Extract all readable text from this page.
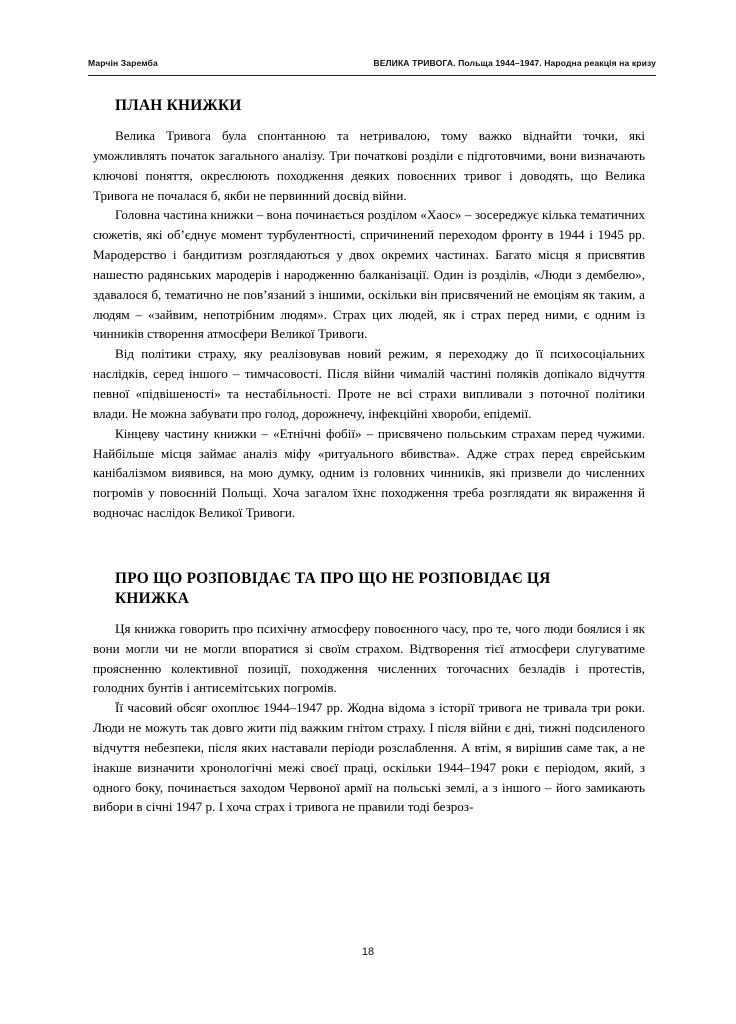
Марчін Заремба	ВЕЛИКА ТРИВОГА. Польща 1944–1947. Народна реакція на кризу
ПЛАН КНИЖКИ

Велика Тривога була спонтанною та нетривалою, тому важко віднайти точки, які уможливлять початок загального аналізу. Три початкові розділи є підготовчими, вони визначають ключові поняття, окреслюють походження деяких повоєнних тривог і доводять, що Велика Тривога не почалася б, якби не первинний досвід війни.

Головна частина книжки – вона починається розділом «Хаос» – зосереджує кілька тематичних сюжетів, які об’єднує момент турбулентності, спричинений переходом фронту в 1944 і 1945 рр. Мародерство і бандитизм розглядаються у двох окремих частинах. Багато місця я присвятив нашестю радянських мародерів і народженню балканізації. Один із розділів, «Люди з дембелю», здавалося б, тематично не пов’язаний з іншими, оскільки він присвячений не емоціям як таким, а людям – «зайвим, непотрібним людям». Страх цих людей, як і страх перед ними, є одним із чинників створення атмосфери Великої Тривоги.

Від політики страху, яку реалізовував новий режим, я переходжу до її психосоціальних наслідків, серед іншого – тимчасовості. Після війни чималій частині поляків допікало відчуття певної «підвішеності» та нестабільності. Проте не всі страхи випливали з поточної політики влади. Не можна забувати про голод, дорожнечу, інфекційні хвороби, епідемії.

Кінцеву частину книжки – «Етнічні фобії» – присвячено польським страхам перед чужими. Найбільше місця займає аналіз міфу «ритуального вбивства». Адже страх перед єврейським канібалізмом виявився, на мою думку, одним із головних чинників, які призвели до численних погромів у повоєнній Польщі. Хоча загалом їхнє походження треба розглядати як вираження й водночас наслідок Великої Тривоги.

ПРО ЩО РОЗПОВІДАЄ ТА ПРО ЩО НЕ РОЗПОВІДАЄ ЦЯ КНИЖКА

Ця книжка говорить про психічну атмосферу повоєнного часу, про те, чого люди боялися і як вони могли чи не могли впоратися зі своїм страхом. Відтворення тієї атмосфери слугуватиме проясненню колективної позиції, походження численних тогочасних безладів і протестів, голодних бунтів і антисемітських погромів.

Її часовий обсяг охоплює 1944–1947 рр. Жодна відома з історії тривога не тривала три роки. Люди не можуть так довго жити під важким гнітом страху. І після війни є дні, тижні подсиленого відчуття небезпеки, після яких наставали періоди розслаблення. А втім, я вирішив саме так, а не інакше визначити хронологічні межі своєї праці, оскільки 1944–1947 роки є періодом, який, з одного боку, починається заходом Червоної армії на польські землі, а з іншого – його замикають вибори в січні 1947 р. І хоча страх і тривога не правили тоді безроз-

18
